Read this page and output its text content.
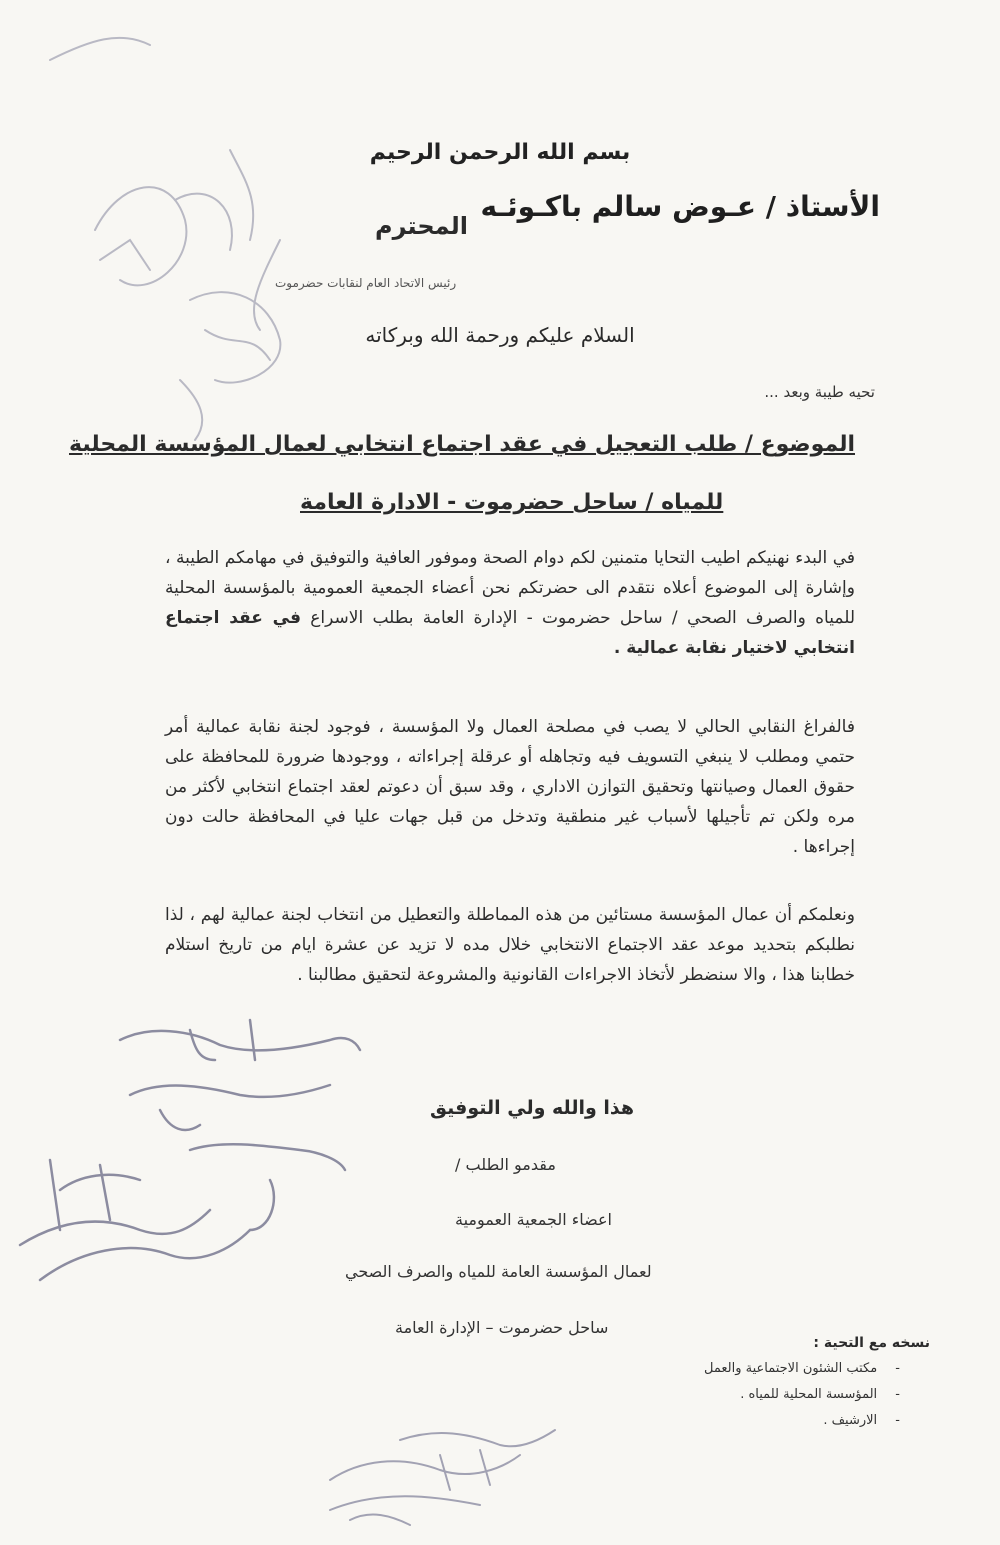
بسم الله الرحمن الرحيم
الأستاذ / عـوض سالم باكـوئـه
المحترم
رئيس الاتحاد العام لنقابات حضرموت
السلام عليكم ورحمة الله وبركاته
تحيه طيبة وبعد ...
الموضوع / طلب التعجيل في عقد اجتماع انتخابي لعمال المؤسسة المحلية
للمياه / ساحل حضرموت - الادارة العامة
في البدء نهنيكم اطيب التحايا متمنين لكم دوام الصحة وموفور العافية والتوفيق في مهامكم الطيبة ، وإشارة إلى الموضوع أعلاه نتقدم الى حضرتكم نحن أعضاء الجمعية العمومية بالمؤسسة المحلية للمياه والصرف الصحي / ساحل حضرموت - الإدارة العامة بطلب الاسراع في عقد اجتماع انتخابي لاختيار نقابة عمالية .
فالفراغ النقابي الحالي لا يصب في مصلحة العمال ولا المؤسسة ، فوجود لجنة نقابة عمالية أمر حتمي ومطلب لا ينبغي التسويف فيه وتجاهله أو عرقلة إجراءاته ، ووجودها ضرورة للمحافظة على حقوق العمال وصيانتها وتحقيق التوازن الاداري ، وقد سبق أن دعوتم لعقد اجتماع انتخابي لأكثر من مره ولكن تم تأجيلها لأسباب غير منطقية وتدخل من قبل جهات عليا في المحافظة حالت دون إجراءها .
ونعلمكم أن عمال المؤسسة مستائين من هذه المماطلة والتعطيل من انتخاب لجنة عمالية لهم ، لذا نطلبكم بتحديد موعد عقد الاجتماع الانتخابي خلال مده لا تزيد عن عشرة ايام من تاريخ استلام خطابنا هذا ، والا سنضطر لأتخاذ الاجراءات القانونية والمشروعة لتحقيق مطالبنا .
هذا والله ولي التوفيق
مقدمو الطلب /
اعضاء الجمعية العمومية
لعمال المؤسسة العامة للمياه والصرف الصحي
ساحل حضرموت – الإدارة العامة
نسخه مع التحية :
- مكتب الشئون الاجتماعية والعمل
- المؤسسة المحلية للمياه .
- الارشيف .
